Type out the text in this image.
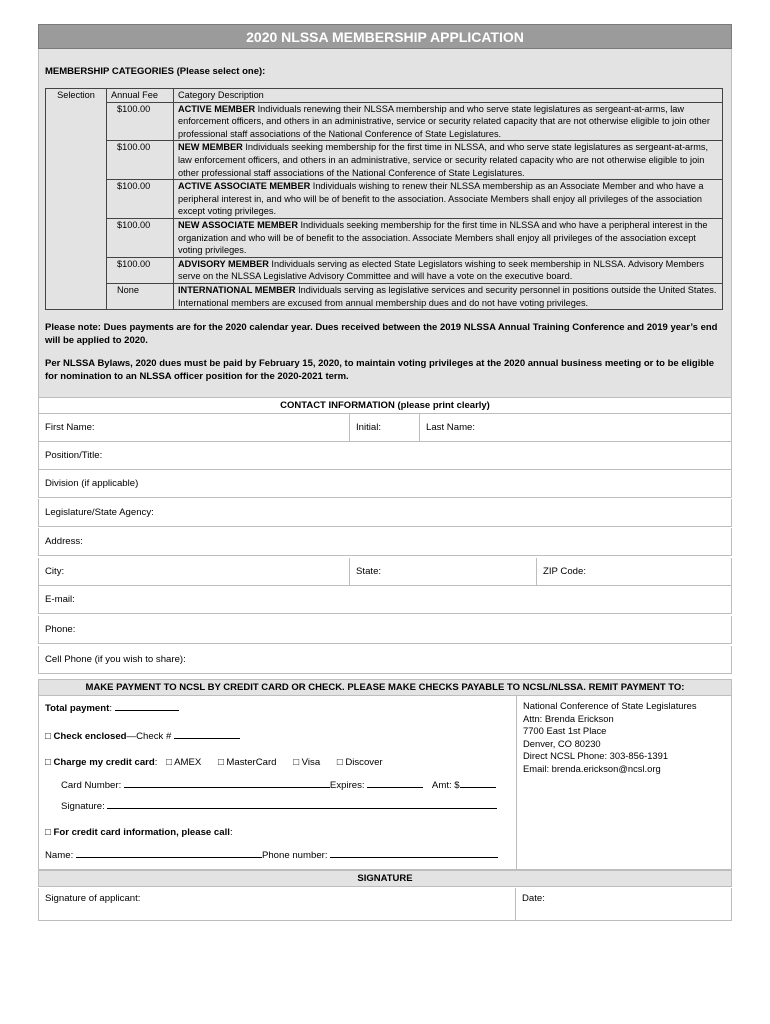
2020 NLSSA MEMBERSHIP APPLICATION
MEMBERSHIP CATEGORIES (Please select one):
Selection	Annual Fee	Category Description
	$100.00	ACTIVE MEMBER Individuals renewing their NLSSA membership and who serve state legislatures as sergeant-at-arms, law enforcement officers, and others in an administrative, service or security related capacity that are not otherwise eligible to join other professional staff associations of the National Conference of State Legislatures.
	$100.00	NEW MEMBER Individuals seeking membership for the first time in NLSSA, and who serve state legislatures as sergeant-at-arms, law enforcement officers, and others in an administrative, service or security related capacity who are not otherwise eligible to join other professional staff associations of the National Conference of State Legislatures.
	$100.00	ACTIVE ASSOCIATE MEMBER Individuals wishing to renew their NLSSA membership as an Associate Member and who have a peripheral interest in, and who will be of benefit to the association. Associate Members shall enjoy all privileges of the association except voting privileges.
	$100.00	NEW ASSOCIATE MEMBER Individuals seeking membership for the first time in NLSSA and who have a peripheral interest in the organization and who will be of benefit to the association. Associate Members shall enjoy all privileges of the association except voting privileges.
	$100.00	ADVISORY MEMBER Individuals serving as elected State Legislators wishing to seek membership in NLSSA. Advisory Members serve on the NLSSA Legislative Advisory Committee and will have a vote on the executive board.
	None	INTERNATIONAL MEMBER Individuals serving as legislative services and security personnel in positions outside the United States. International members are excused from annual membership dues and do not have voting privileges.
Please note: Dues payments are for the 2020 calendar year. Dues received between the 2019 NLSSA Annual Training Conference and 2019 year’s end will be applied to 2020.
Per NLSSA Bylaws, 2020 dues must be paid by February 15, 2020, to maintain voting privileges at the 2020 annual business meeting or to be eligible for nomination to an NLSSA officer position for the 2020-2021 term.
CONTACT INFORMATION (please print clearly)
First Name:	Initial:	Last Name:
Position/Title:
Division (if applicable)
Legislature/State Agency:
Address:
City:	State:	ZIP Code:
E-mail:
Phone:
Cell Phone (if you wish to share):
MAKE PAYMENT TO NCSL BY CREDIT CARD OR CHECK. PLEASE MAKE CHECKS PAYABLE TO NCSL/NLSSA. REMIT PAYMENT TO:
Total payment:
□ Check enclosed—Check #
□ Charge my credit card: □ AMEX □ MasterCard □ Visa □ Discover
Card Number:	Expires:	Amt: $
Signature:
□ For credit card information, please call:
Name:	Phone number:
National Conference of State Legislatures
Attn: Brenda Erickson
7700 East 1st Place
Denver, CO 80230
Direct NCSL Phone: 303-856-1391
Email: brenda.erickson@ncsl.org
SIGNATURE
Signature of applicant:	Date:
